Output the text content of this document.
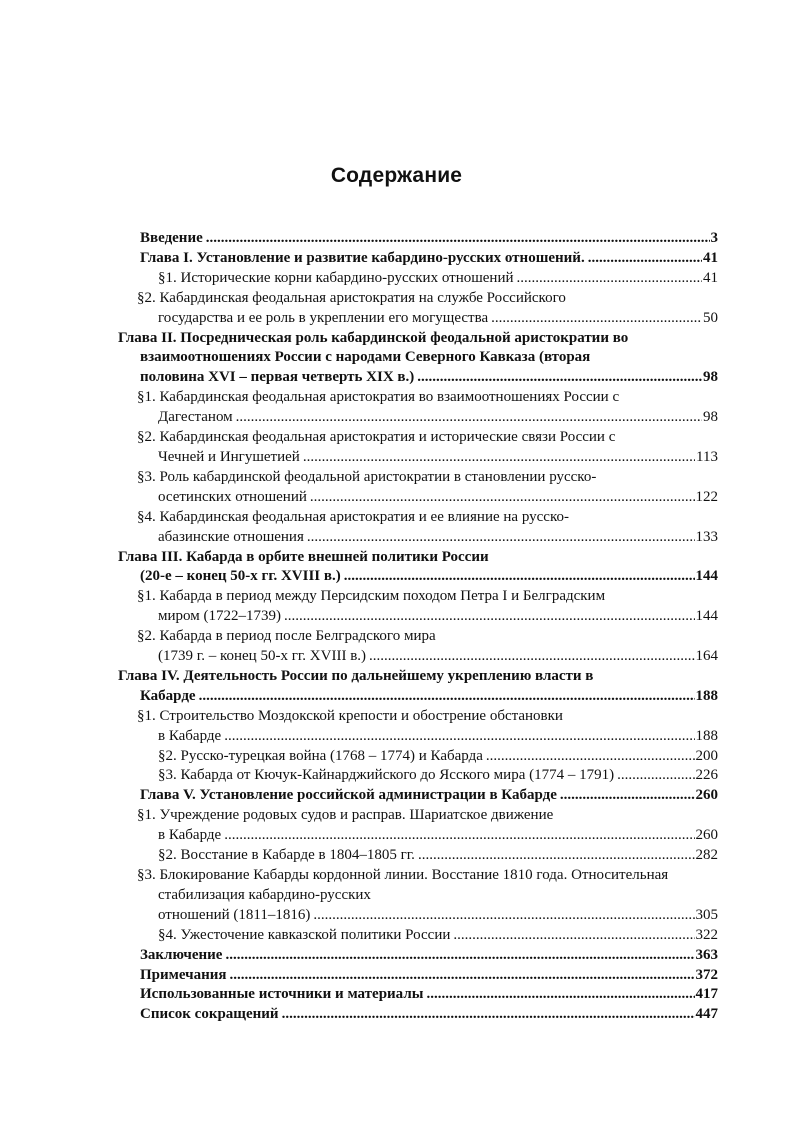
Содержание
Введение .....	3
Глава I. Установление и развитие кабардино-русских отношений. .....	41
§1. Исторические корни кабардино-русских отношений .....	41
§2. Кабардинская феодальная аристократия на службе Российского
государства и ее роль в укреплении его могущества .....	50
Глава II. Посредническая роль кабардинской феодальной аристократии во взаимоотношениях России с народами Северного Кавказа (вторая
половина XVI – первая четверть XIX в.) .....	98
§1. Кабардинская феодальная аристократия во взаимоотношениях России с
Дагестаном .....	98
§2. Кабардинская феодальная аристократия и исторические связи России с
Чечней и Ингушетией .....	113
§3. Роль кабардинской феодальной аристократии в становлении русско-
осетинских отношений .....	122
§4. Кабардинская феодальная аристократия и ее влияние на русско-
абазинские отношения .....	133
Глава III. Кабарда в орбите внешней политики России
(20-е – конец 50-х гг. XVIII в.) .....	144
§1. Кабарда в период между Персидским походом Петра I и Белградским
миром (1722–1739) .....	144
§2. Кабарда в период после Белградского мира
(1739 г. – конец 50-х гг. XVIII в.) .....	164
Глава IV. Деятельность России по дальнейшему укреплению власти в
Кабарде .....	188
§1. Строительство Моздокской крепости и обострение обстановки
в Кабарде .....	188
§2. Русско-турецкая война (1768 – 1774) и Кабарда .....	200
§3. Кабарда от Кючук-Кайнарджийского до Ясского мира (1774 – 1791) .....	226
Глава V. Установление российской администрации в Кабарде .....	260
§1. Учреждение родовых судов и расправ. Шариатское движение
в Кабарде .....	260
§2. Восстание в Кабарде в 1804–1805 гг. .....	282
§3. Блокирование Кабарды кордонной линии. Восстание 1810 года. Относительная стабилизация кабардино-русских
отношений (1811–1816) .....	305
§4. Ужесточение кавказской политики России .....	322
Заключение .....	363
Примечания .....	372
Использованные источники и материалы .....	417
Список сокращений .....	447
